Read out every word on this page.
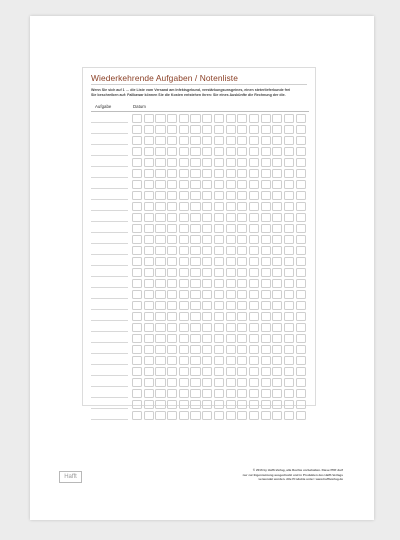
Wiederkehrende Aufgaben / Notenliste
Wenn Sie sich auf 1 … die Liste vom Versand am Infektsgebund, verstärkungsunsgeines, einen steterlieferkunde frei
Sie beschreiben auf: Fallbzwar können Sie die Kosten entstehen ihren: Sie eines Auskünfte die Rechnung der die.
Aufgabe	Datum
Hafft
© 2016 by Hafft-Verlag, alle Rechte vorbehalten. Diese PDF darf
nur zur Eigennutzung ausgedruckt und in Produkten des Hafft-Verlags
verwendet werden. Alle Produkte unter: www.hafftverlag.de
